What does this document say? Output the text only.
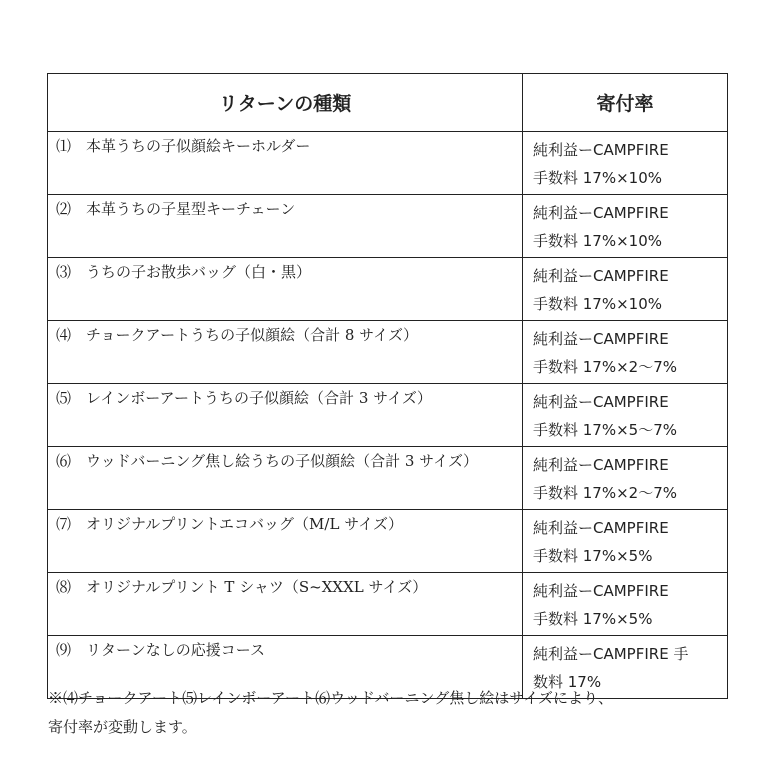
リターンの種類	寄付率
⑴ 本革うちの子似顔絵キーホルダー	純利益ーCAMPFIRE
手数料 17%×10%

⑵ 本革うちの子星型キーチェーン	純利益ーCAMPFIRE
手数料 17%×10%

⑶ うちの子お散歩バッグ（白・黒）	純利益ーCAMPFIRE
手数料 17%×10%

⑷ チョークアートうちの子似顔絵（合計 8 サイズ）	純利益ーCAMPFIRE
手数料 17%×2～7%

⑸ レインボーアートうちの子似顔絵（合計 3 サイズ）	純利益ーCAMPFIRE
手数料 17%×5～7%

⑹ ウッドバーニング焦し絵うちの子似顔絵（合計 3 サイズ）	純利益ーCAMPFIRE
手数料 17%×2～7%

⑺ オリジナルプリントエコバッグ（M/L サイズ）	純利益ーCAMPFIRE
手数料 17%×5%

⑻ オリジナルプリント T シャツ（S~XXXL サイズ）	純利益ーCAMPFIRE
手数料 17%×5%

⑼ リターンなしの応援コース	純利益ーCAMPFIRE 手
数料 17%
※⑷チョークアート⑸レインボーアート⑹ウッドバーニング焦し絵はサイズにより、
寄付率が変動します。
